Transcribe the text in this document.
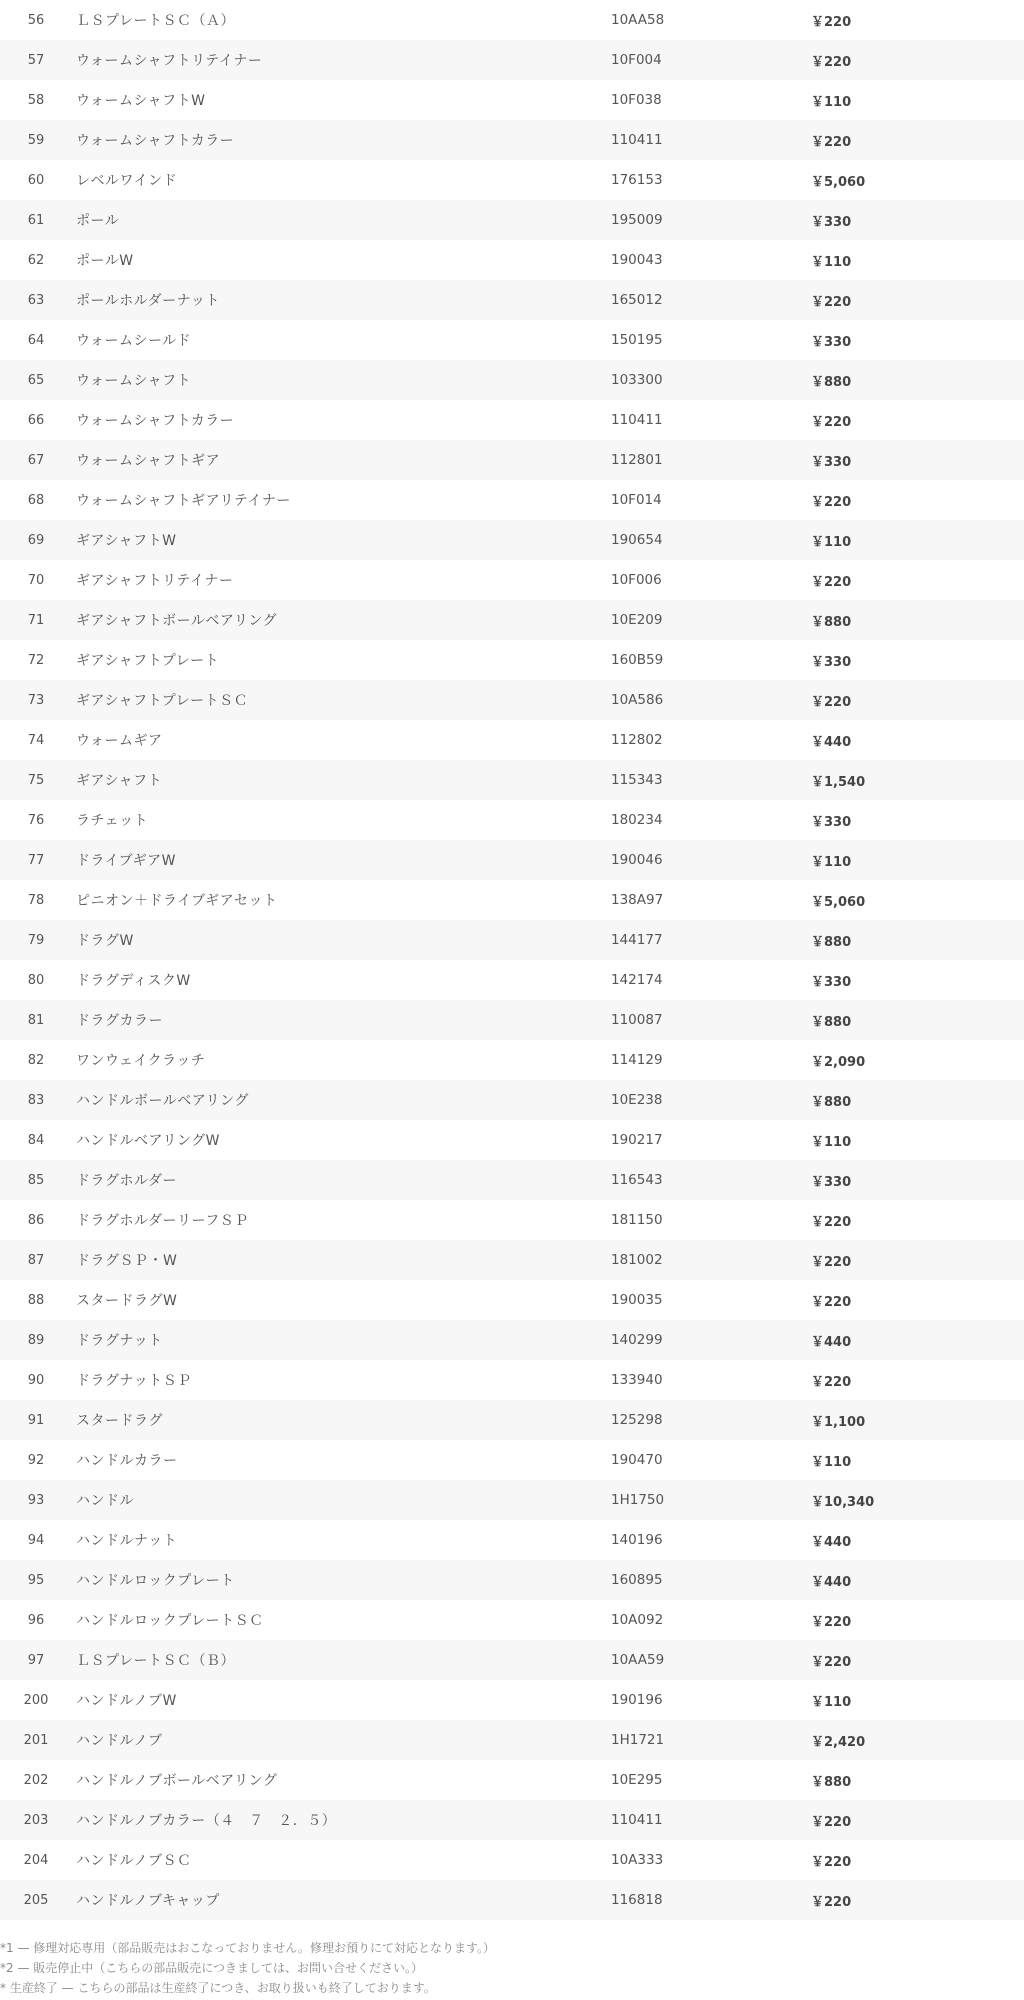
56	ＬＳプレートＳＣ（Ａ）	10AA58	￥220
57	ウォームシャフトリテイナー	10F004	￥220
58	ウォームシャフトW	10F038	￥110
59	ウォームシャフトカラー	110411	￥220
60	レベルワインド	176153	￥5,060
61	ポール	195009	￥330
62	ポールW	190043	￥110
63	ポールホルダーナット	165012	￥220
64	ウォームシールド	150195	￥330
65	ウォームシャフト	103300	￥880
66	ウォームシャフトカラー	110411	￥220
67	ウォームシャフトギア	112801	￥330
68	ウォームシャフトギアリテイナー	10F014	￥220
69	ギアシャフトW	190654	￥110
70	ギアシャフトリテイナー	10F006	￥220
71	ギアシャフトボールベアリング	10E209	￥880
72	ギアシャフトプレート	160B59	￥330
73	ギアシャフトプレートＳＣ	10A586	￥220
74	ウォームギア	112802	￥440
75	ギアシャフト	115343	￥1,540
76	ラチェット	180234	￥330
77	ドライブギアW	190046	￥110
78	ピニオン＋ドライブギアセット	138A97	￥5,060
79	ドラグW	144177	￥880
80	ドラグディスクW	142174	￥330
81	ドラグカラー	110087	￥880
82	ワンウェイクラッチ	114129	￥2,090
83	ハンドルボールベアリング	10E238	￥880
84	ハンドルベアリングW	190217	￥110
85	ドラグホルダー	116543	￥330
86	ドラグホルダーリーフＳＰ	181150	￥220
87	ドラグＳＰ・W	181002	￥220
88	スタードラグW	190035	￥220
89	ドラグナット	140299	￥440
90	ドラグナットＳＰ	133940	￥220
91	スタードラグ	125298	￥1,100
92	ハンドルカラー	190470	￥110
93	ハンドル	1H1750	￥10,340
94	ハンドルナット	140196	￥440
95	ハンドルロックプレート	160895	￥440
96	ハンドルロックプレートＳＣ	10A092	￥220
97	ＬＳプレートＳＣ（Ｂ）	10AA59	￥220
200	ハンドルノブW	190196	￥110
201	ハンドルノブ	1H1721	￥2,420
202	ハンドルノブボールベアリング	10E295	￥880
203	ハンドルノブカラー（４　７　２．５）	110411	￥220
204	ハンドルノブＳＣ	10A333	￥220
205	ハンドルノブキャップ	116818	￥220
*1 — 修理対応専用（部品販売はおこなっておりません。修理お預りにて対応となります。）
*2 — 販売停止中（こちらの部品販売につきましては、お問い合せください。）
* 生産終了 — こちらの部品は生産終了につき、お取り扱いも終了しております。
